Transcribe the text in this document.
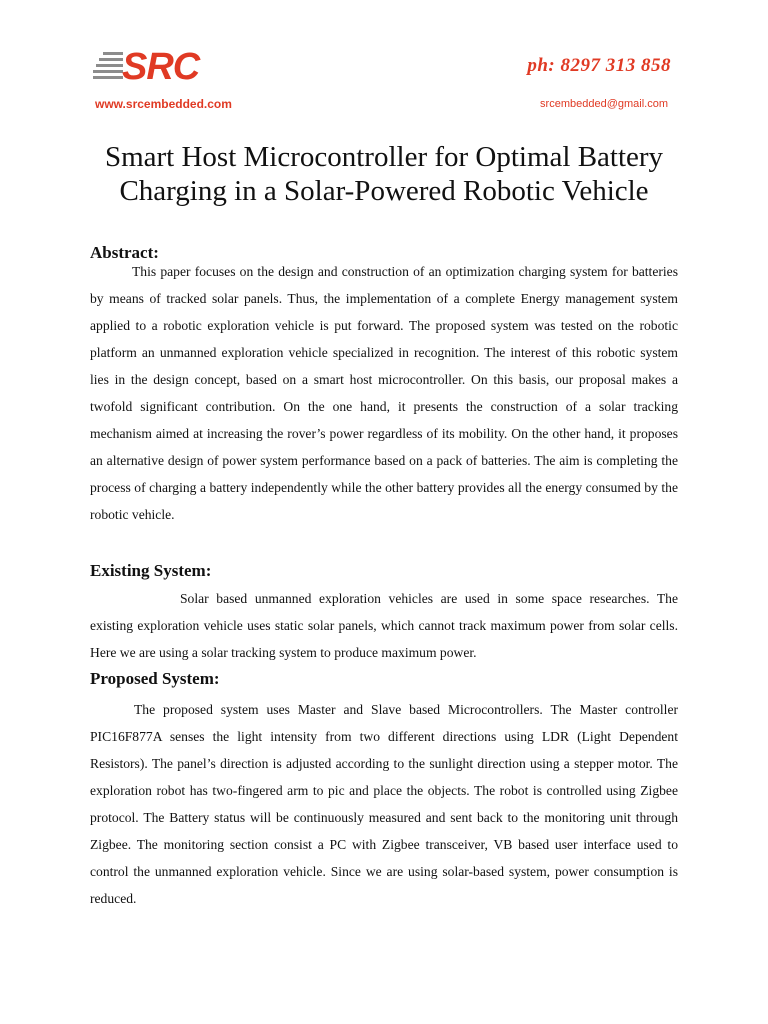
SRC	ph: 8297 313 858
www.srcembedded.com	srcembedded@gmail.com
Smart Host Microcontroller for Optimal Battery Charging in a Solar-Powered Robotic Vehicle
Abstract:

This paper focuses on the design and construction of an optimization charging system for batteries by means of tracked solar panels. Thus, the implementation of a complete Energy management system applied to a robotic exploration vehicle is put forward. The proposed system was tested on the robotic platform an unmanned exploration vehicle specialized in recognition. The interest of this robotic system lies in the design concept, based on a smart host microcontroller. On this basis, our proposal makes a twofold significant contribution. On the one hand, it presents the construction of a solar tracking mechanism aimed at increasing the rover’s power regardless of its mobility. On the other hand, it proposes an alternative design of power system performance based on a pack of batteries. The aim is completing the process of charging a battery independently while the other battery provides all the energy consumed by the robotic vehicle.

Existing System:

Solar based unmanned exploration vehicles are used in some space researches. The existing exploration vehicle uses static solar panels, which cannot track maximum power from solar cells. Here we are using a solar tracking system to produce maximum power.

Proposed System:

The proposed system uses Master and Slave based Microcontrollers. The Master controller PIC16F877A senses the light intensity from two different directions using LDR (Light Dependent Resistors). The panel’s direction is adjusted according to the sunlight direction using a stepper motor. The exploration robot has two-fingered arm to pic and place the objects. The robot is controlled using Zigbee protocol. The Battery status will be continuously measured and sent back to the monitoring unit through Zigbee. The monitoring section consist a PC with Zigbee transceiver, VB based user interface used to control the unmanned exploration vehicle. Since we are using solar-based system, power consumption is reduced.
